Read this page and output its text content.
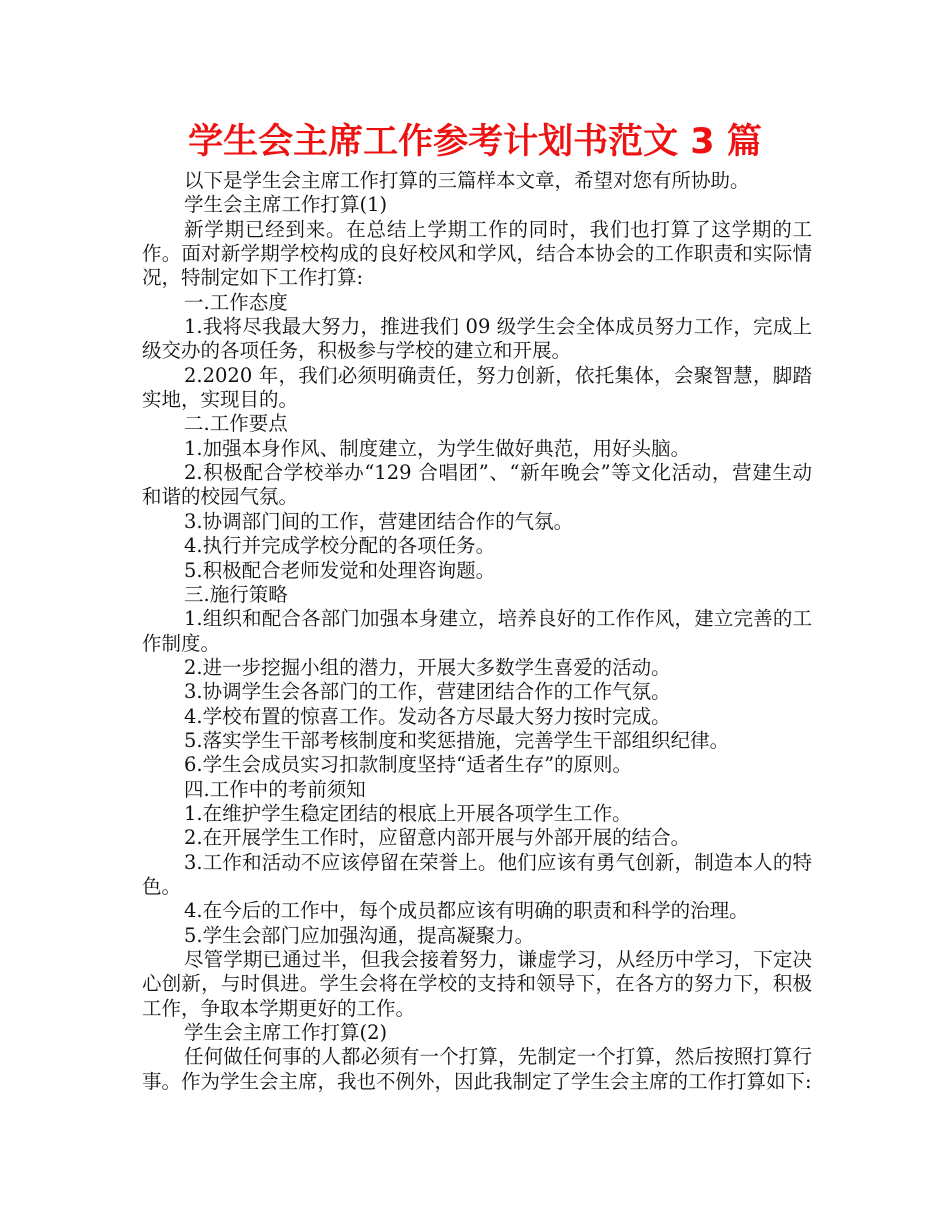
学生会主席工作参考计划书范文 3 篇

以下是学生会主席工作打算的三篇样本文章，希望对您有所协助。

学生会主席工作打算(1)

新学期已经到来。在总结上学期工作的同时，我们也打算了这学期的工作。面对新学期学校构成的良好校风和学风，结合本协会的工作职责和实际情况，特制定如下工作打算:

一.工作态度

1.我将尽我最大努力，推进我们 09 级学生会全体成员努力工作，完成上级交办的各项任务，积极参与学校的建立和开展。

2.2020 年，我们必须明确责任，努力创新，依托集体，会聚智慧，脚踏实地，实现目的。

二.工作要点

1.加强本身作风、制度建立，为学生做好典范，用好头脑。

2.积极配合学校举办“129 合唱团”、“新年晚会”等文化活动，营建生动和谐的校园气氛。

3.协调部门间的工作，营建团结合作的气氛。

4.执行并完成学校分配的各项任务。

5.积极配合老师发觉和处理咨询题。

三.施行策略

1.组织和配合各部门加强本身建立，培养良好的工作作风，建立完善的工作制度。

2.进一步挖掘小组的潜力，开展大多数学生喜爱的活动。

3.协调学生会各部门的工作，营建团结合作的工作气氛。

4.学校布置的惊喜工作。发动各方尽最大努力按时完成。

5.落实学生干部考核制度和奖惩措施，完善学生干部组织纪律。

6.学生会成员实习扣款制度坚持“适者生存”的原则。

四.工作中的考前须知

1.在维护学生稳定团结的根底上开展各项学生工作。

2.在开展学生工作时，应留意内部开展与外部开展的结合。

3.工作和活动不应该停留在荣誉上。他们应该有勇气创新，制造本人的特色。

4.在今后的工作中，每个成员都应该有明确的职责和科学的治理。

5.学生会部门应加强沟通，提高凝聚力。

尽管学期已通过半，但我会接着努力，谦虚学习，从经历中学习，下定决心创新，与时俱进。学生会将在学校的支持和领导下，在各方的努力下，积极工作，争取本学期更好的工作。

学生会主席工作打算(2)

任何做任何事的人都必须有一个打算，先制定一个打算，然后按照打算行事。作为学生会主席，我也不例外，因此我制定了学生会主席的工作打算如下:
